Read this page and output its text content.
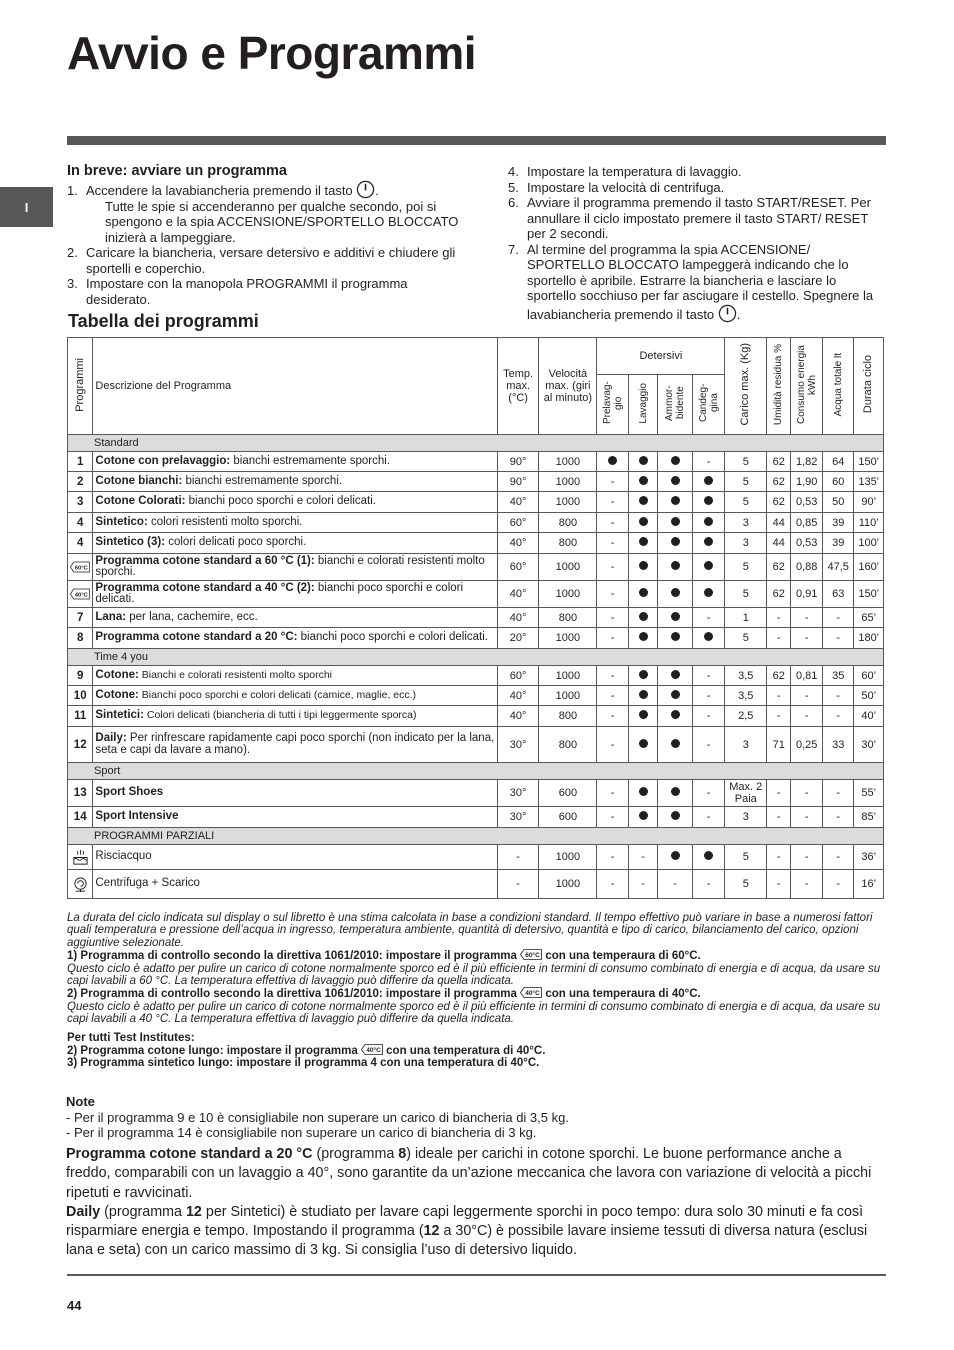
Avvio e Programmi
I
In breve: avviare un programma
1. Accendere la lavabiancheria premendo il tasto .
Tutte le spie si accenderanno per qualche secondo, poi si spengono e la spia ACCENSIONE/SPORTELLO BLOCCATO inizierà a lampeggiare.
2. Caricare la biancheria, versare detersivo e additivi e chiudere gli sportelli e coperchio.
3. Impostare con la manopola PROGRAMMI il programma desiderato.
4. Impostare la temperatura di lavaggio.
5. Impostare la velocità di centrifuga.
6. Avviare il programma premendo il tasto START/RESET. Per annullare il ciclo impostato premere il tasto START/ RESET per 2 secondi.
7. Al termine del programma la spia ACCENSIONE/ SPORTELLO BLOCCATO lampeggerà indicando che lo sportello è apribile. Estrarre la biancheria e lasciare lo sportello socchiuso per far asciugare il cestello. Spegnere la lavabiancheria premendo il tasto .
Tabella dei programmi
Programmi	Descrizione del Programma	Temp. max. (°C)	Velocità max. (giri al minuto)	Detersivi				Carico max. (Kg)	Umidità residua %	Consumo energia kWh	Acqua totale lt	Durata ciclo
				Prelavag-gio	Lavaggio	Ammor-bidente	Candeg-gina					
Standard												
1	Cotone con prelavaggio: bianchi estremamente sporchi.	90°	1000				-	5	62	1,82	64	150’
2	Cotone bianchi: bianchi estremamente sporchi.	90°	1000	-				5	62	1,90	60	135’
3	Cotone Colorati: bianchi poco sporchi e colori delicati.	40°	1000	-				5	62	0,53	50	90’
4	Sintetico: colori resistenti molto sporchi.	60°	800	-				3	44	0,85	39	110’
4	Sintetico (3): colori delicati poco sporchi.	40°	800	-				3	44	0,53	39	100’

60°C	Programma cotone standard a 60 °C (1): bianchi e colorati resistenti molto sporchi.	60°	1000	-				5	62	0,88	47,5	160’

40°C	Programma cotone standard a 40 °C (2): bianchi poco sporchi e colori delicati.	40°	1000	-				5	62	0,91	63	150’
7	Lana: per lana, cachemire, ecc.	40°	800	-			-	1	-	-	-	65’
8	Programma cotone standard a 20 °C: bianchi poco sporchi e colori delicati.	20°	1000	-				5	-	-	-	180’
Time 4 you												
9	Cotone: Bianchi e colorati resistenti molto sporchi	60°	1000	-			-	3,5	62	0,81	35	60’
10	Cotone: Bianchi poco sporchi e colori delicati (camice, maglie, ecc.)	40°	1000	-			-	3,5	-	-	-	50’
11	Sintetici: Colori delicati (biancheria di tutti i tipi leggermente sporca)	40°	800	-			-	2,5	-	-	-	40’
12	Daily: Per rinfrescare rapidamente capi poco sporchi (non indicato per la lana, seta e capi da lavare a mano).	30°	800	-			-	3	71	0,25	33	30’
Sport												
13	Sport Shoes	30°	600	-			-	Max. 2 Paia	-	-	-	55’
14	Sport Intensive	30°	600	-			-	3	-	-	-	85’
PROGRAMMI PARZIALI												
	Risciacquo	-	1000	-	-			5	-	-	-	36’
	Centrifuga + Scarico	-	1000	-	-	-	-	5	-	-	-	16’
La durata del ciclo indicata sul display o sul libretto è una stima calcolata in base a condizioni standard. Il tempo effettivo può variare in base a numerosi fattori quali temperatura e pressione dell’acqua in ingresso, temperatura ambiente, quantità di detersivo, quantità e tipo di carico, bilanciamento del carico, opzioni aggiuntive selezionate.
1) Programma di controllo secondo la direttiva 1061/2010: impostare il programma 60°C con una temperaura di 60°C.
Questo ciclo è adatto per pulire un carico di cotone normalmente sporco ed è il più efficiente in termini di consumo combinato di energia e di acqua, da usare su capi lavabili a 60 °C. La temperatura effettiva di lavaggio può differire da quella indicata.
2) Programma di controllo secondo la direttiva 1061/2010: impostare il programma 40°C con una temperaura di 40°C.
Questo ciclo è adatto per pulire un carico di cotone normalmente sporco ed è il più efficiente in termini di consumo combinato di energia e di acqua, da usare su capi lavabili a 40 °C. La temperatura effettiva di lavaggio può differire da quella indicata.
Per tutti Test Institutes:
2) Programma cotone lungo: impostare il programma 40°C con una temperatura di 40°C.
3) Programma sintetico lungo: impostare il programma 4 con una temperatura di 40°C.
Note
- Per il programma 9 e 10 è consigliabile non superare un carico di biancheria di 3,5 kg.
- Per il programma 14 è consigliabile non superare un carico di biancheria di 3 kg.
Programma cotone standard a 20 °C (programma 8) ideale per carichi in cotone sporchi. Le buone performance anche a freddo, comparabili con un lavaggio a 40°, sono garantite da un’azione meccanica che lavora con variazione di velocità a picchi ripetuti e ravvicinati.
Daily (programma 12 per Sintetici) è studiato per lavare capi leggermente sporchi in poco tempo: dura solo 30 minuti e fa così risparmiare energia e tempo. Impostando il programma (12 a 30°C) è possibile lavare insieme tessuti di diversa natura (esclusi lana e seta) con un carico massimo di 3 kg. Si consiglia l’uso di detersivo liquido.
44
